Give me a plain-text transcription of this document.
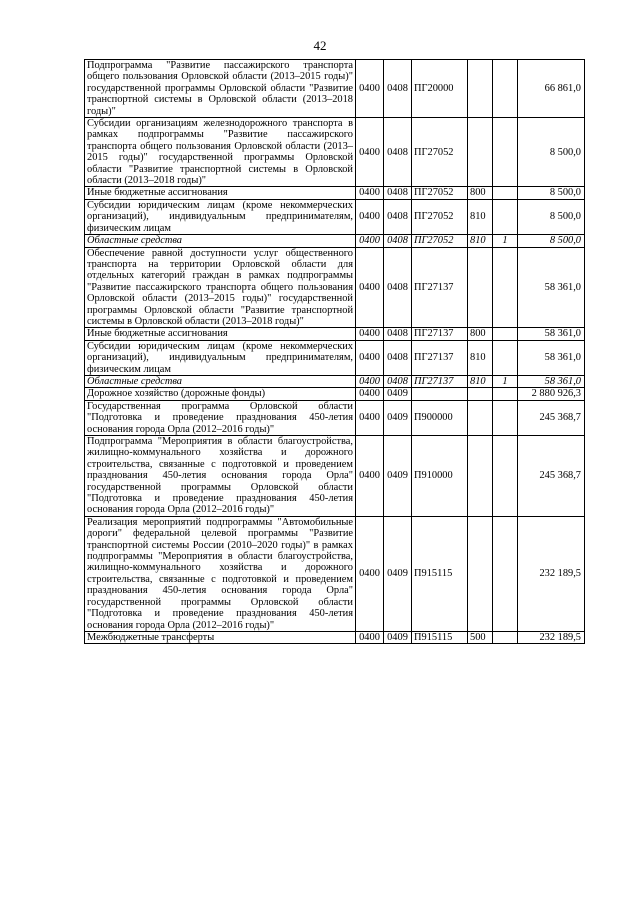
42
Подпрограмма "Развитие пассажирского транспорта общего пользования Орловской области (2013–2015 годы)" государственной программы Орловской области "Развитие транспортной системы в Орловской области (2013–2018 годы)"	0400	0408	ПГ20000			66 861,0
Субсидии организациям железнодорожного транспорта в рамках подпрограммы "Развитие пассажирского транспорта общего пользования Орловской области (2013–2015 годы)" государственной программы Орловской области "Развитие транспортной системы в Орловской области (2013–2018 годы)"	0400	0408	ПГ27052			8 500,0
Иные бюджетные ассигнования	0400	0408	ПГ27052	800		8 500,0
Субсидии юридическим лицам (кроме некоммерческих организаций), индивидуальным предпринимателям, физическим лицам	0400	0408	ПГ27052	810		8 500,0
Областные средства	0400	0408	ПГ27052	810	1	8 500,0
Обеспечение равной доступности услуг общественного транспорта на территории Орловской области для отдельных категорий граждан в рамках подпрограммы "Развитие пассажирского транспорта общего пользования Орловской области (2013–2015 годы)" государственной программы Орловской области "Развитие транспортной системы в Орловской области (2013–2018 годы)"	0400	0408	ПГ27137			58 361,0
Иные бюджетные ассигнования	0400	0408	ПГ27137	800		58 361,0
Субсидии юридическим лицам (кроме некоммерческих организаций), индивидуальным предпринимателям, физическим лицам	0400	0408	ПГ27137	810		58 361,0
Областные средства	0400	0408	ПГ27137	810	1	58 361,0
Дорожное хозяйство (дорожные фонды)	0400	0409				2 880 926,3
Государственная программа Орловской области "Подготовка и проведение празднования 450-летия основания города Орла (2012–2016 годы)"	0400	0409	П900000			245 368,7
Подпрограмма "Мероприятия в области благоустройства, жилищно-коммунального хозяйства и дорожного строительства, связанные с подготовкой и проведением празднования 450-летия основания города Орла" государственной программы Орловской области "Подготовка и проведение празднования 450-летия основания города Орла (2012–2016 годы)"	0400	0409	П910000			245 368,7
Реализация мероприятий подпрограммы "Автомобильные дороги" федеральной целевой программы "Развитие транспортной системы России (2010–2020 годы)" в рамках подпрограммы "Мероприятия в области благоустройства, жилищно-коммунального хозяйства и дорожного строительства, связанные с подготовкой и проведением празднования 450-летия основания города Орла" государственной программы Орловской области "Подготовка и проведение празднования 450-летия основания города Орла (2012–2016 годы)"	0400	0409	П915115			232 189,5
Межбюджетные трансферты	0400	0409	П915115	500		232 189,5
